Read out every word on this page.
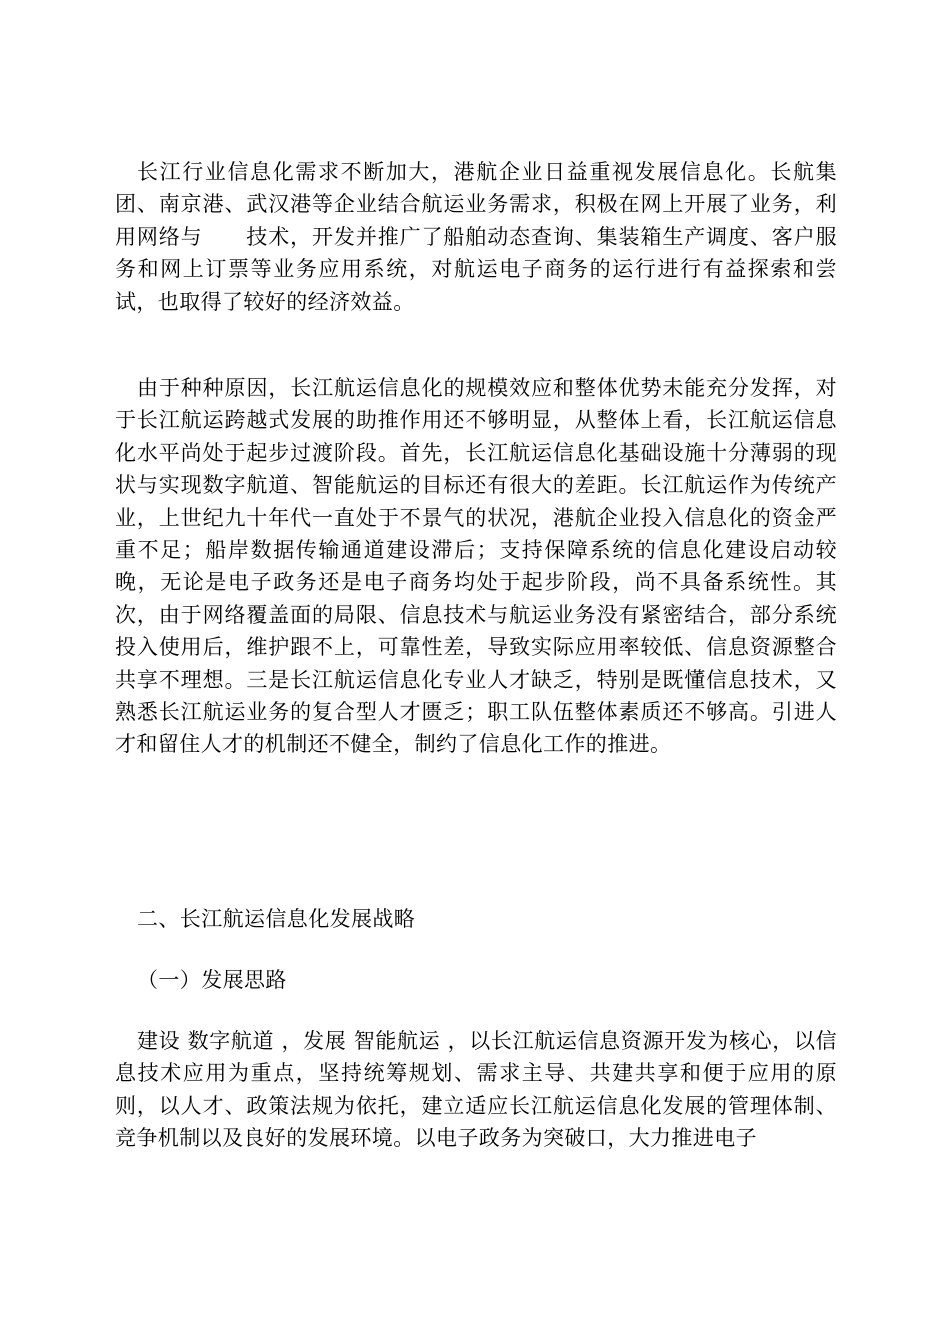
长江行业信息化需求不断加大，港航企业日益重视发展信息化。长航集团、南京港、武汉港等企业结合航运业务需求，积极在网上开展了业务，利用网络与　　技术，开发并推广了船舶动态查询、集装箱生产调度、客户服务和网上订票等业务应用系统，对航运电子商务的运行进行有益探索和尝试，也取得了较好的经济效益。

由于种种原因，长江航运信息化的规模效应和整体优势未能充分发挥，对于长江航运跨越式发展的助推作用还不够明显，从整体上看，长江航运信息化水平尚处于起步过渡阶段。首先，长江航运信息化基础设施十分薄弱的现状与实现数字航道、智能航运的目标还有很大的差距。长江航运作为传统产业，上世纪九十年代一直处于不景气的状况，港航企业投入信息化的资金严重不足；船岸数据传输通道建设滞后；支持保障系统的信息化建设启动较晚，无论是电子政务还是电子商务均处于起步阶段，尚不具备系统性。其次，由于网络覆盖面的局限、信息技术与航运业务没有紧密结合，部分系统投入使用后，维护跟不上，可靠性差，导致实际应用率较低、信息资源整合共享不理想。三是长江航运信息化专业人才缺乏，特别是既懂信息技术，又熟悉长江航运业务的复合型人才匮乏；职工队伍整体素质还不够高。引进人才和留住人才的机制还不健全，制约了信息化工作的推进。

二、长江航运信息化发展战略

（一）发展思路

建设 数字航道 ，发展 智能航运 ，以长江航运信息资源开发为核心，以信息技术应用为重点，坚持统筹规划、需求主导、共建共享和便于应用的原则，以人才、政策法规为依托，建立适应长江航运信息化发展的管理体制、竞争机制以及良好的发展环境。以电子政务为突破口，大力推进电子
